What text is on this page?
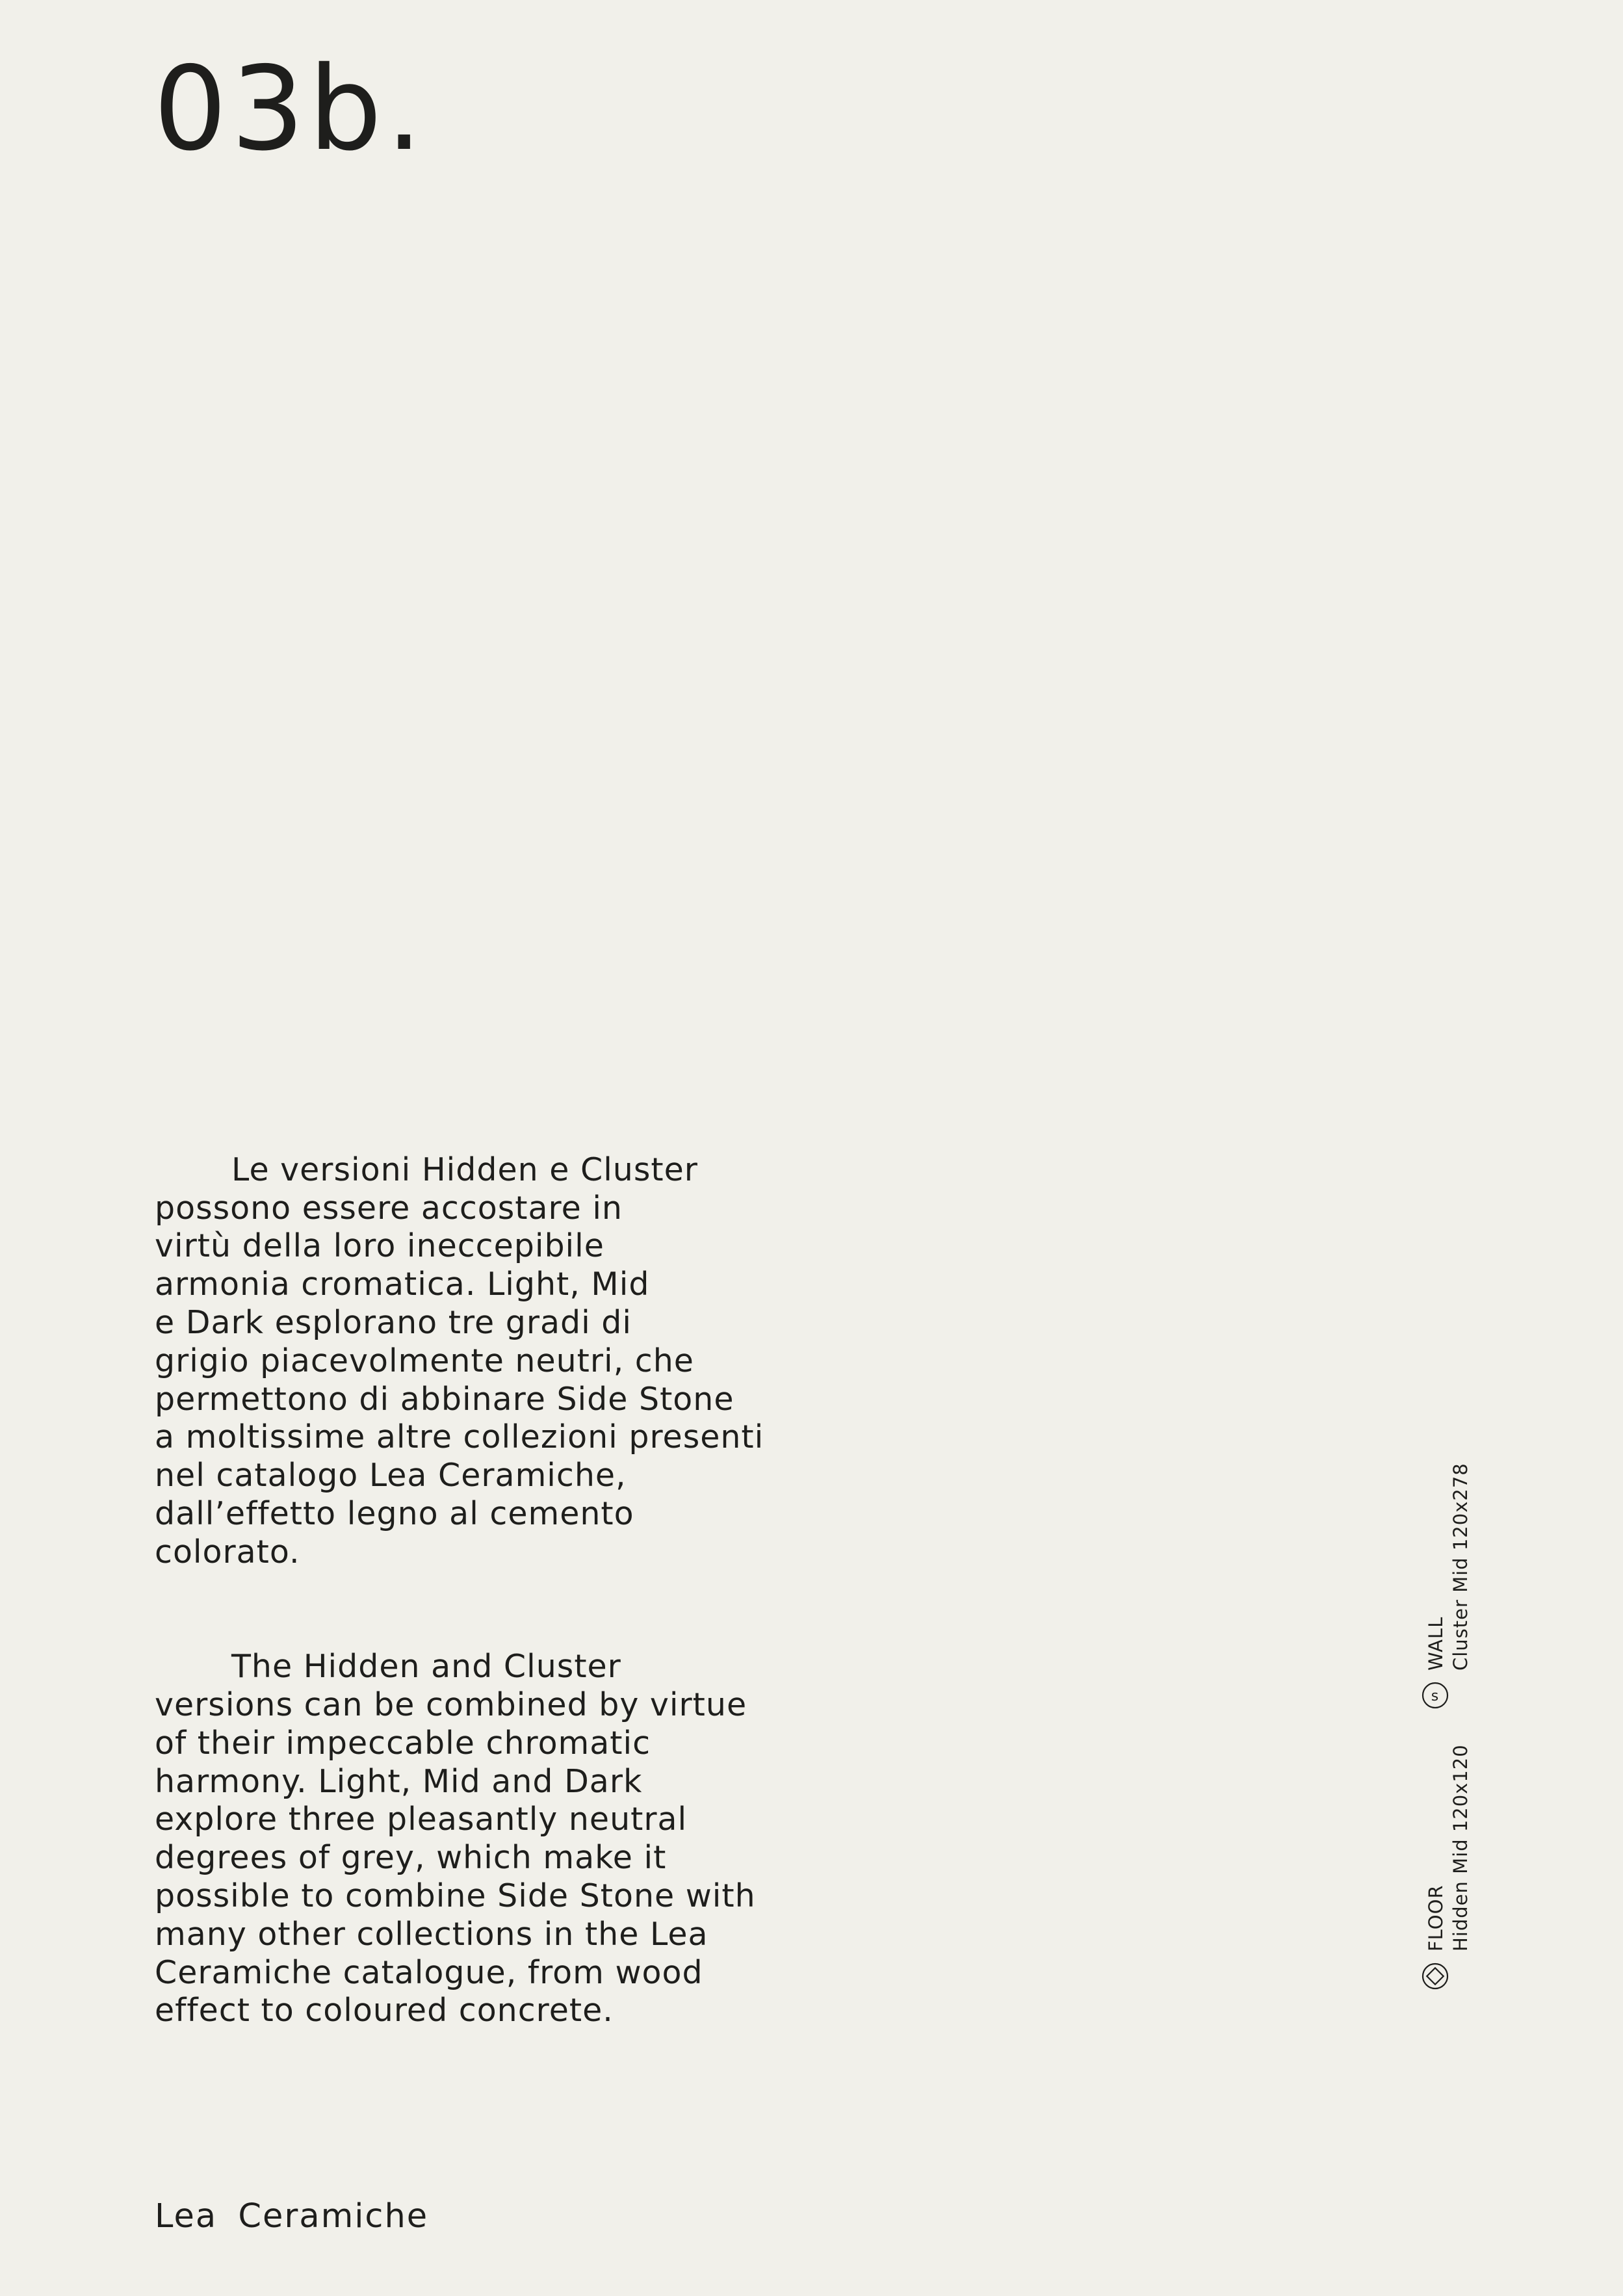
03b.

Le versioni Hidden e Cluster
possono essere accostare in
virtù della loro ineccepibile
armonia cromatica. Light, Mid
e Dark esplorano tre gradi di
grigio piacevolmente neutri, che
permettono di abbinare Side Stone
a moltissime altre collezioni presenti
nel catalogo Lea Ceramiche,
dall’effetto legno al cemento
colorato.

The Hidden and Cluster
versions can be combined by virtue
of their impeccable chromatic
harmony. Light, Mid and Dark
explore three pleasantly neutral
degrees of grey, which make it
possible to combine Side Stone with
many other collections in the Lea
Ceramiche catalogue, from wood
effect to coloured concrete.

s
WALL Cluster Mid 120x278
FLOOR Hidden Mid 120x120
Lea Ceramiche
